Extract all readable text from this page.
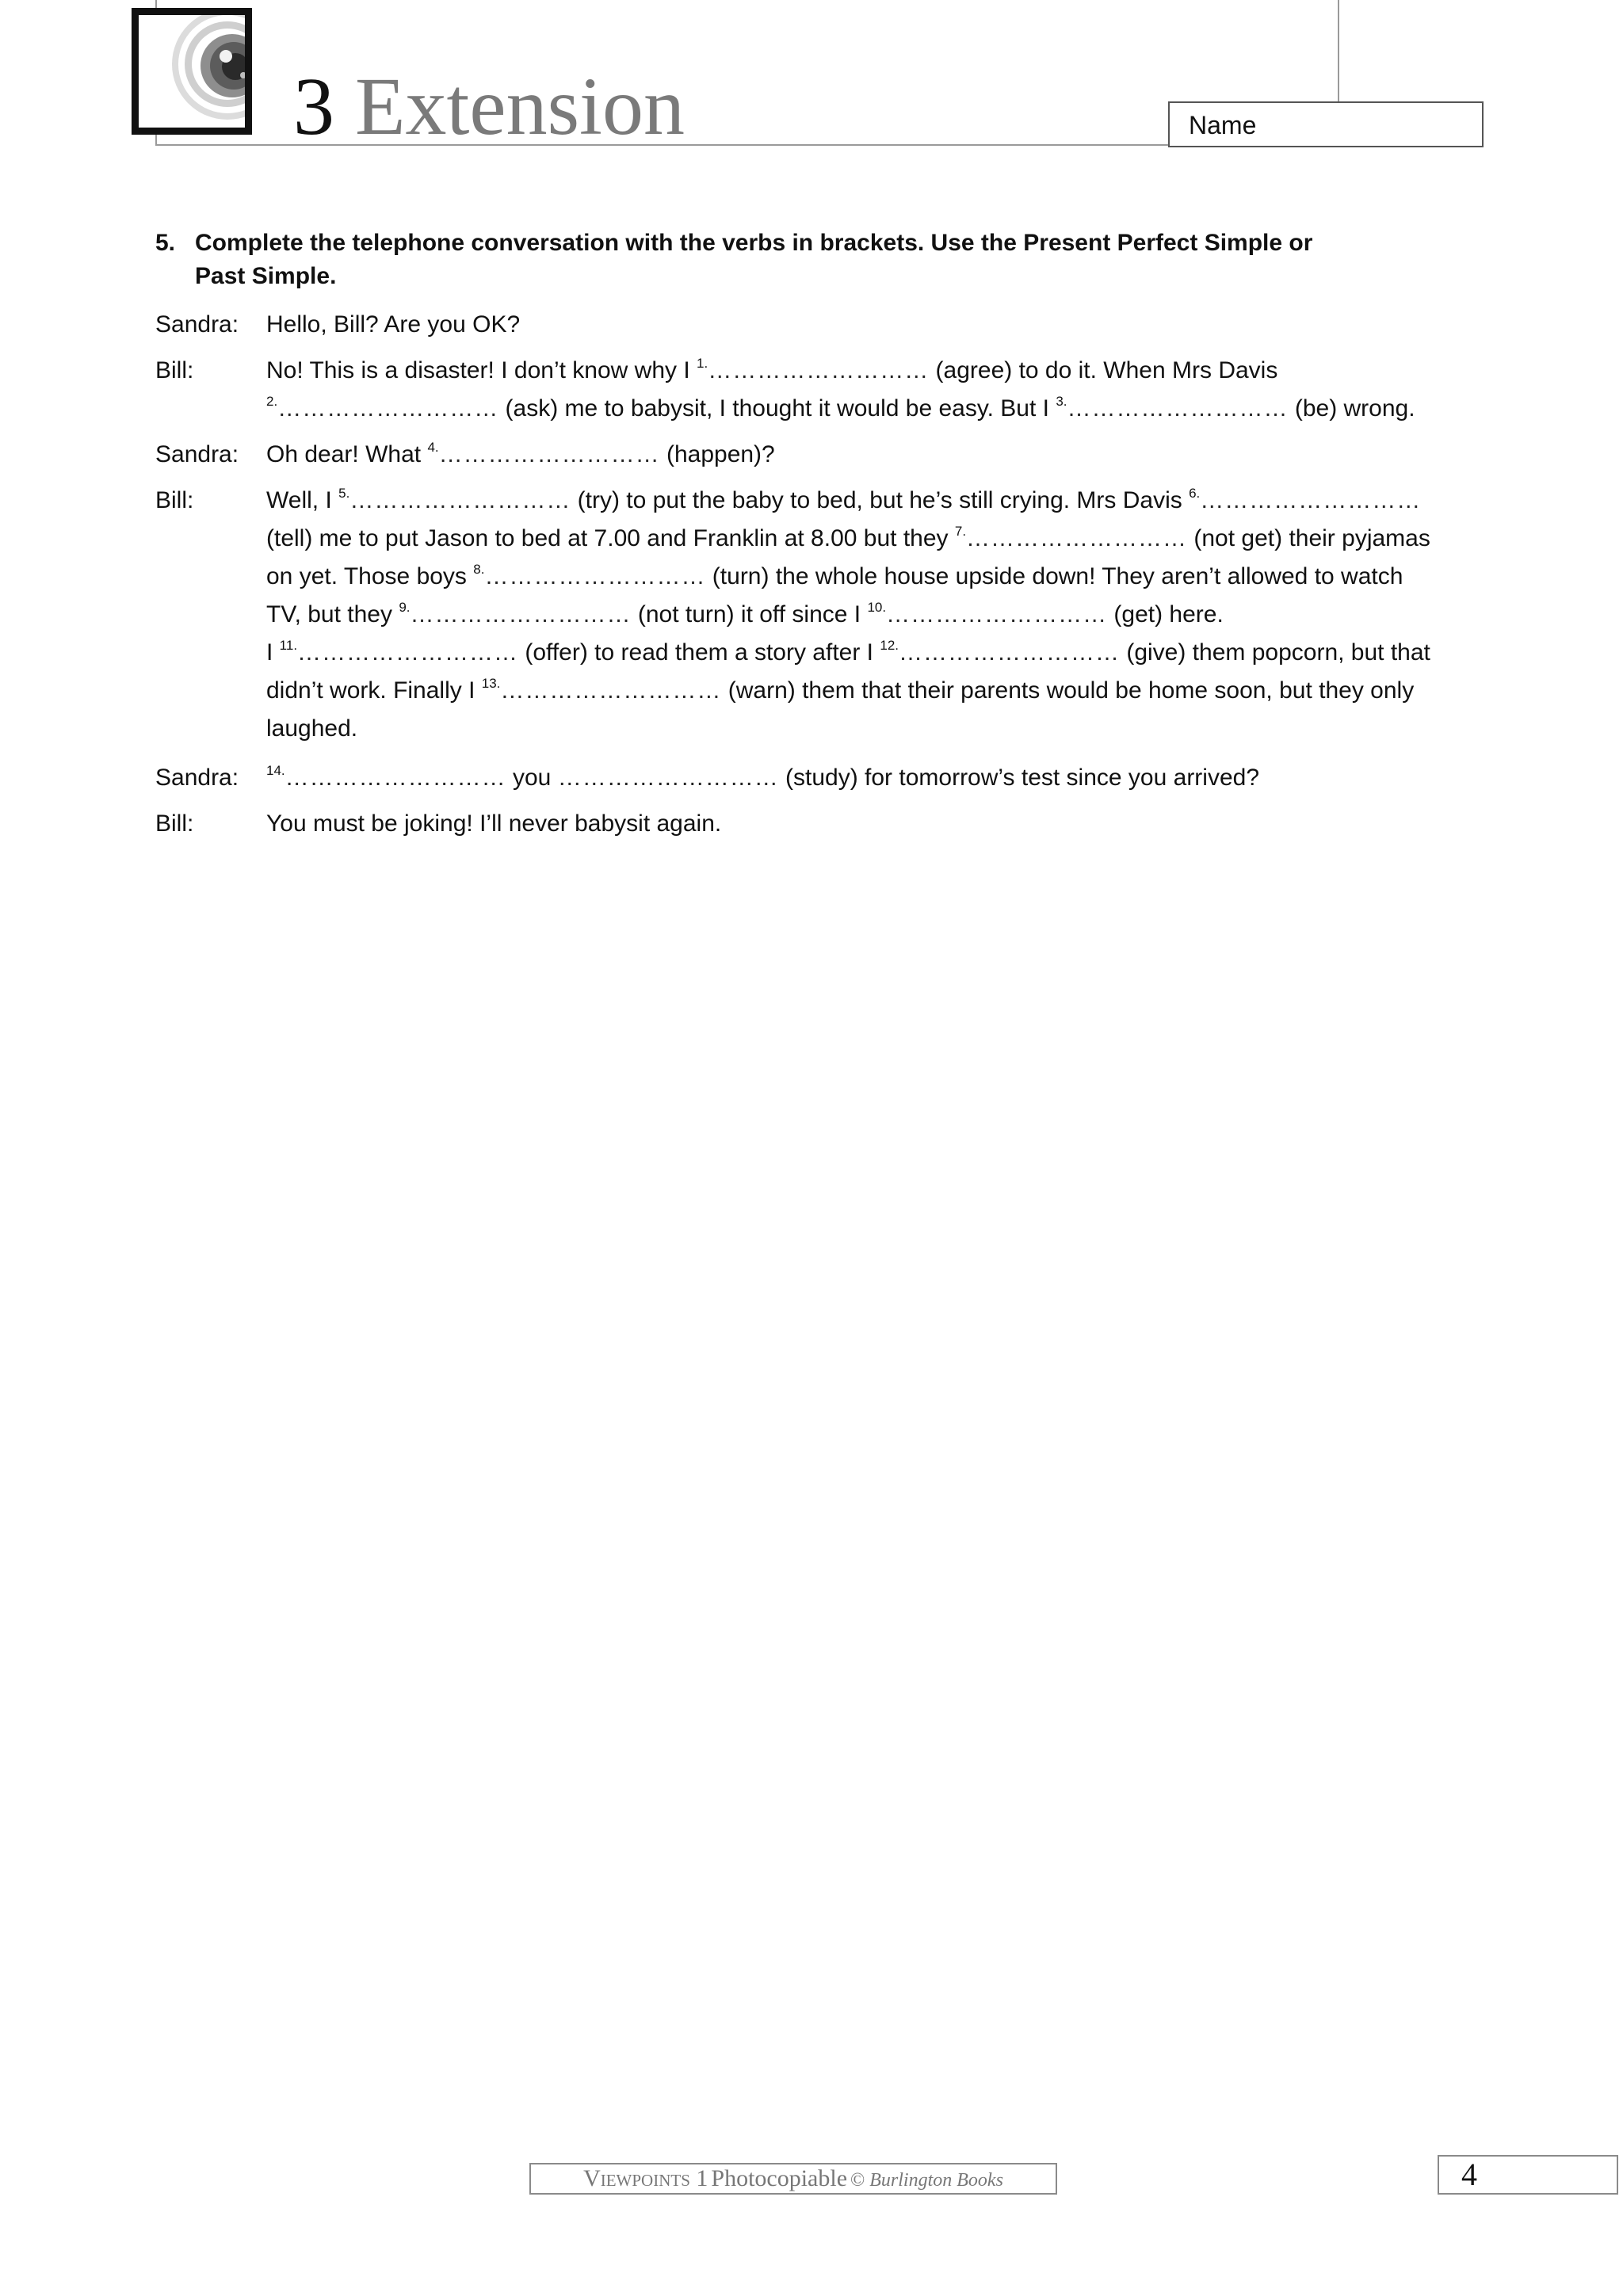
3 Extension	Name
5. Complete the telephone conversation with the verbs in brackets. Use the Present Perfect Simple or
Past Simple.
Sandra: Hello, Bill? Are you OK?
Bill:	No! This is a disaster! I don’t know why I $^{1.}$……………………… (agree) to do it. When Mrs Davis
$^{2.}$……………………… (ask) me to babysit, I thought it would be easy. But I $^{3.}$……………………… (be) wrong.
Sandra: Oh dear! What $^{4.}$……………………… (happen)?
Bill:	Well, I $^{5.}$……………………… (try) to put the baby to bed, but he’s still crying. Mrs Davis $^{6.}$………………………
(tell) me to put Jason to bed at 7.00 and Franklin at 8.00 but they $^{7.}$……………………… (not get) their pyjamas
on yet. Those boys $^{8.}$……………………… (turn) the whole house upside down! They aren’t allowed to watch
TV, but they $^{9.}$……………………… (not turn) it off since I $^{10.}$……………………… (get) here.
I $^{11.}$……………………… (offer) to read them a story after I $^{12.}$……………………… (give) them popcorn, but that
didn’t work. Finally I $^{13.}$……………………… (warn) them that their parents would be home soon, but they only
laughed.
Sandra: $^{14.}$……………………… you ……………………… (study) for tomorrow’s test since you arrived?
Bill:	You must be joking! I’ll never babysit again.
Viewpoints 1 Photocopiable © Burlington Books	4
